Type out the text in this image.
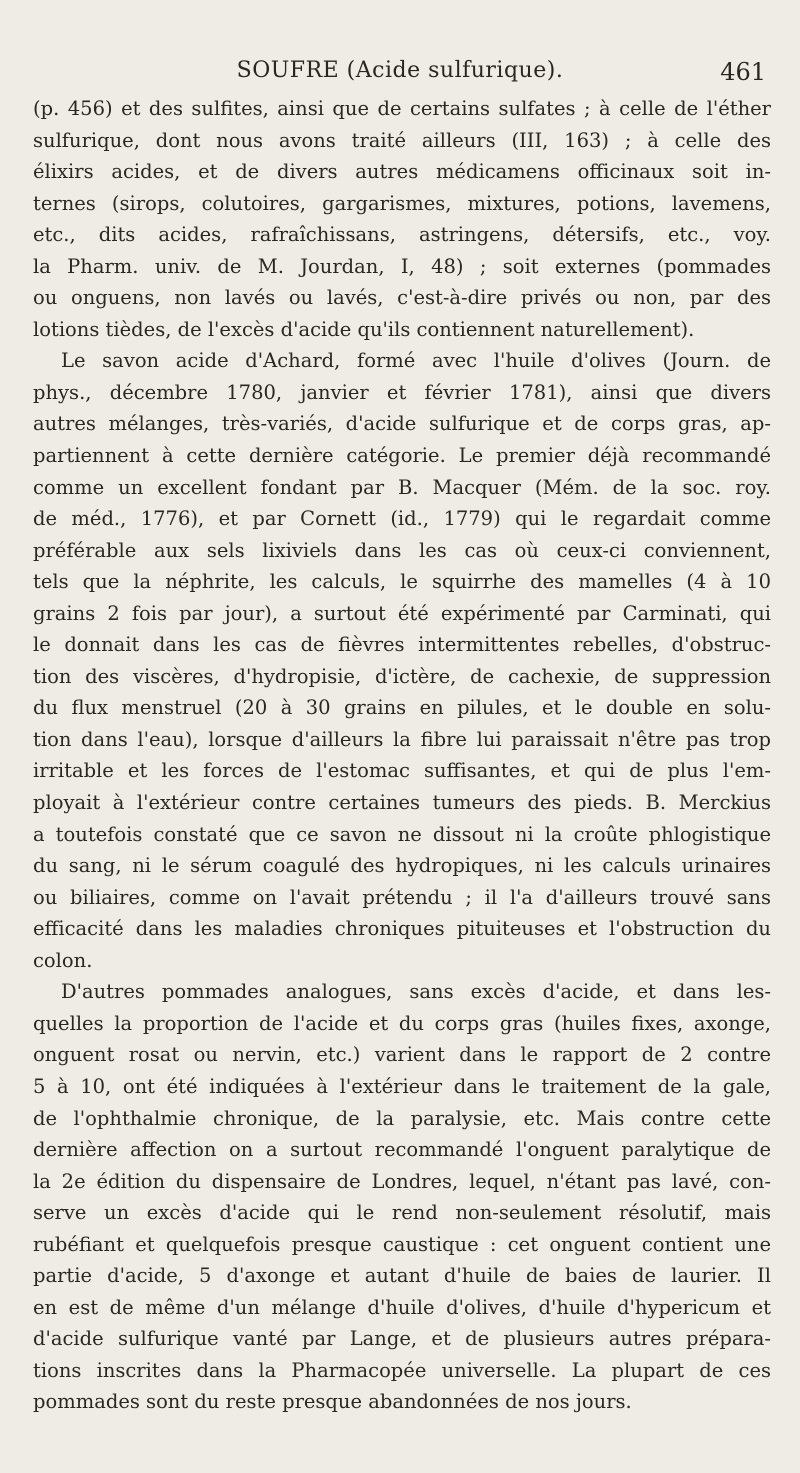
SOUFRE (Acide sulfurique).	461
(p. 456) et des sulfites, ainsi que de certains sulfates ; à celle de l'éther
sulfurique, dont nous avons traité ailleurs (III, 163) ; à celle des
élixirs acides, et de divers autres médicamens officinaux soit in-
ternes (sirops, colutoires, gargarismes, mixtures, potions, lavemens,
etc., dits acides, rafraîchissans, astringens, détersifs, etc., voy.
la Pharm. univ. de M. Jourdan, I, 48) ; soit externes (pommades
ou onguens, non lavés ou lavés, c'est-à-dire privés ou non, par des
lotions tièdes, de l'excès d'acide qu'ils contiennent naturellement).
Le savon acide d'Achard, formé avec l'huile d'olives (Journ. de
phys., décembre 1780, janvier et février 1781), ainsi que divers
autres mélanges, très-variés, d'acide sulfurique et de corps gras, ap-
partiennent à cette dernière catégorie. Le premier déjà recommandé
comme un excellent fondant par B. Macquer (Mém. de la soc. roy.
de méd., 1776), et par Cornett (id., 1779) qui le regardait comme
préférable aux sels lixiviels dans les cas où ceux-ci conviennent,
tels que la néphrite, les calculs, le squirrhe des mamelles (4 à 10
grains 2 fois par jour), a surtout été expérimenté par Carminati, qui
le donnait dans les cas de fièvres intermittentes rebelles, d'obstruc-
tion des viscères, d'hydropisie, d'ictère, de cachexie, de suppression
du flux menstruel (20 à 30 grains en pilules, et le double en solu-
tion dans l'eau), lorsque d'ailleurs la fibre lui paraissait n'être pas trop
irritable et les forces de l'estomac suffisantes, et qui de plus l'em-
ployait à l'extérieur contre certaines tumeurs des pieds. B. Merckius
a toutefois constaté que ce savon ne dissout ni la croûte phlogistique
du sang, ni le sérum coagulé des hydropiques, ni les calculs urinaires
ou biliaires, comme on l'avait prétendu ; il l'a d'ailleurs trouvé sans
efficacité dans les maladies chroniques pituiteuses et l'obstruction du
colon.
D'autres pommades analogues, sans excès d'acide, et dans les-
quelles la proportion de l'acide et du corps gras (huiles fixes, axonge,
onguent rosat ou nervin, etc.) varient dans le rapport de 2 contre
5 à 10, ont été indiquées à l'extérieur dans le traitement de la gale,
de l'ophthalmie chronique, de la paralysie, etc. Mais contre cette
dernière affection on a surtout recommandé l'onguent paralytique de
la 2e édition du dispensaire de Londres, lequel, n'étant pas lavé, con-
serve un excès d'acide qui le rend non-seulement résolutif, mais
rubéfiant et quelquefois presque caustique : cet onguent contient une
partie d'acide, 5 d'axonge et autant d'huile de baies de laurier. Il
en est de même d'un mélange d'huile d'olives, d'huile d'hypericum et
d'acide sulfurique vanté par Lange, et de plusieurs autres prépara-
tions inscrites dans la Pharmacopée universelle. La plupart de ces
pommades sont du reste presque abandonnées de nos jours.
